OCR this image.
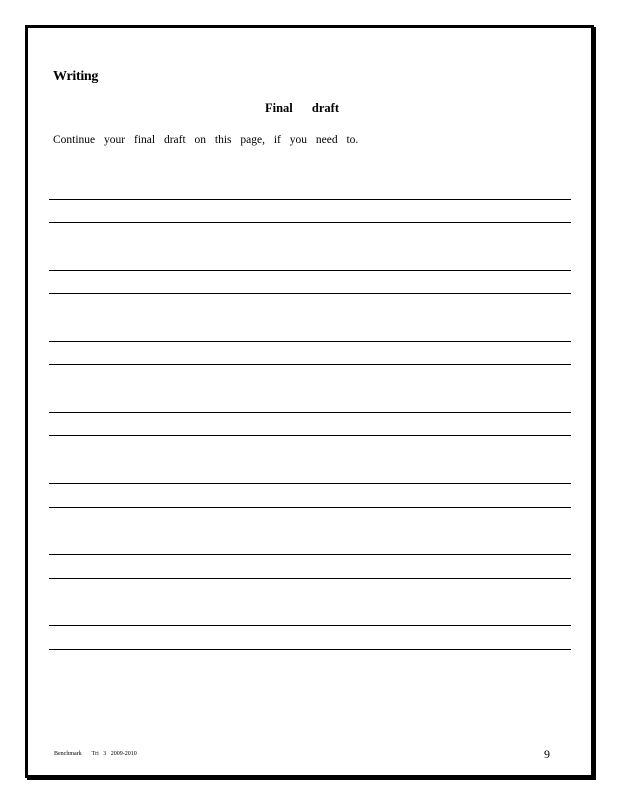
Writing
Final draft
Continue your final draft on this page, if you need to.
Benchmark Tri 3 2009-2010	9
